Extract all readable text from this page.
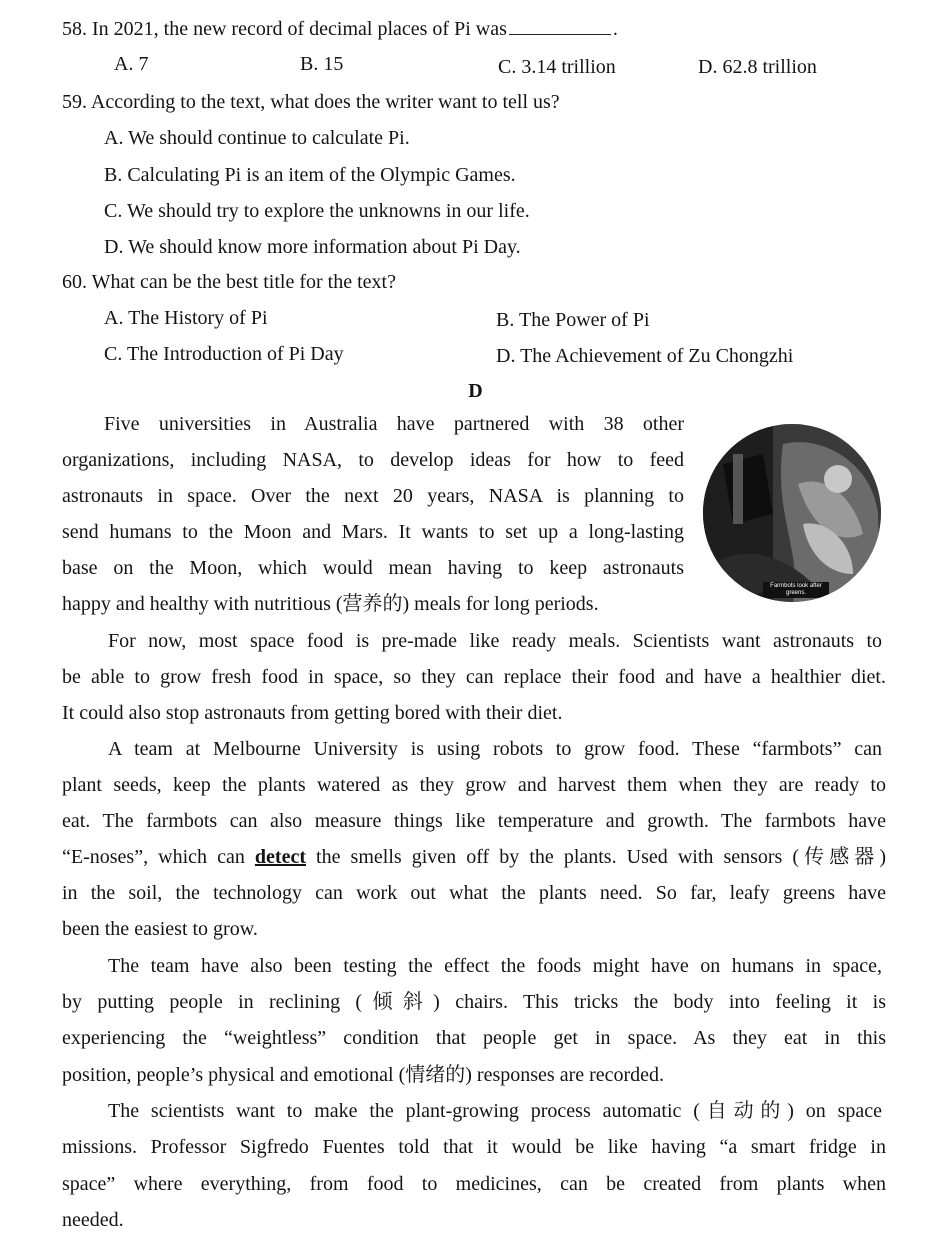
58. In 2021, the new record of decimal places of Pi was	.
A. 7	B. 15	C. 3.14 trillion	D. 62.8 trillion
59. According to the text, what does the writer want to tell us?
A. We should continue to calculate Pi.
B. Calculating Pi is an item of the Olympic Games.
C. We should try to explore the unknowns in our life.
D. We should know more information about Pi Day.
60. What can be the best title for the text?
A. The History of Pi	B. The Power of Pi
C. The Introduction of Pi Day	D. The Achievement of Zu Chongzhi
D
Farmbots look after greens.
Five universities in Australia have partnered with 38 other
organizations, including NASA, to develop ideas for how to feed
astronauts in space. Over the next 20 years, NASA is planning to
send humans to the Moon and Mars. It wants to set up a long-lasting
base on the Moon, which would mean having to keep astronauts
happy and healthy with nutritious (营养的) meals for long periods.
For now, most space food is pre-made like ready meals. Scientists want astronauts to
be able to grow fresh food in space, so they can replace their food and have a healthier diet.
It could also stop astronauts from getting bored with their diet.
A team at Melbourne University is using robots to grow food. These “farmbots” can
plant seeds, keep the plants watered as they grow and harvest them when they are ready to
eat. The farmbots can also measure things like temperature and growth. The farmbots have
“E-noses”, which can detect the smells given off by the plants. Used with sensors (传感器)
in the soil, the technology can work out what the plants need. So far, leafy greens have
been the easiest to grow.
The team have also been testing the effect the foods might have on humans in space,
by putting people in reclining (倾斜) chairs. This tricks the body into feeling it is
experiencing the “weightless” condition that people get in space. As they eat in this
position, people’s physical and emotional (情绪的) responses are recorded.
The scientists want to make the plant-growing process automatic (自动的) on space
missions. Professor Sigfredo Fuentes told that it would be like having “a smart fridge in
space” where everything, from food to medicines, can be created from plants when
needed.
